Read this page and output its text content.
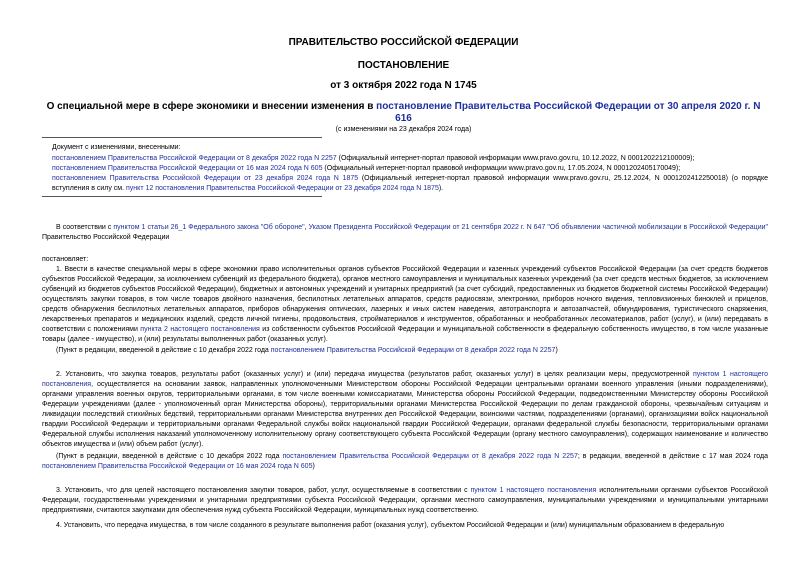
ПРАВИТЕЛЬСТВО РОССИЙСКОЙ ФЕДЕРАЦИИ
ПОСТАНОВЛЕНИЕ
от 3 октября 2022 года N 1745
О специальной мере в сфере экономики и внесении изменения в постановление Правительства Российской Федерации от 30 апреля 2020 г. N 616
(с изменениями на 23 декабря 2024 года)
Документ с изменениями, внесенными:
постановлением Правительства Российской Федерации от 8 декабря 2022 года N 2257 (Официальный интернет-портал правовой информации www.pravo.gov.ru, 10.12.2022, N 0001202212100009);
постановлением Правительства Российской Федерации от 16 мая 2024 года N 605 (Официальный интернет-портал правовой информации www.pravo.gov.ru, 17.05.2024, N 0001202405170049);
постановлением Правительства Российской Федерации от 23 декабря 2024 года N 1875 (Официальный интернет-портал правовой информации www.pravo.gov.ru, 25.12.2024, N 0001202412250018) (о порядке вступления в силу см. пункт 12 постановления Правительства Российской Федерации от 23 декабря 2024 года N 1875).
В соответствии с пунктом 1 статьи 26_1 Федерального закона "Об обороне", Указом Президента Российской Федерации от 21 сентября 2022 г. N 647 "Об объявлении частичной мобилизации в Российской Федерации" Правительство Российской Федерации
постановляет:
1. Ввести в качестве специальной меры в сфере экономики право исполнительных органов субъектов Российской Федерации и казенных учреждений субъектов Российской Федерации (за счет средств бюджетов субъектов Российской Федерации, за исключением субвенций из федерального бюджета), органов местного самоуправления и муниципальных казенных учреждений (за счет средств местных бюджетов, за исключением субвенций из бюджетов субъектов Российской Федерации), бюджетных и автономных учреждений и унитарных предприятий (за счет субсидий, предоставленных из бюджетов бюджетной системы Российской Федерации) осуществлять закупки товаров, в том числе товаров двойного назначения, беспилотных летательных аппаратов, средств радиосвязи, электроники, приборов ночного видения, тепловизионных биноклей и прицелов, средств обнаружения беспилотных летательных аппаратов, приборов обнаружения оптических, лазерных и иных систем наведения, автотранспорта и автозапчастей, обмундирования, туристического снаряжения, лекарственных препаратов и медицинских изделий, средств личной гигиены, продовольствия, стройматериалов и инструментов, обработанных и необработанных лесоматериалов, работ (услуг), и (или) передавать в соответствии с положениями пункта 2 настоящего постановления из собственности субъектов Российской Федерации и муниципальной собственности в федеральную собственность имущество, в том числе указанные товары (далее - имущество), и (или) результаты выполненных работ (оказанных услуг).
(Пункт в редакции, введенной в действие с 10 декабря 2022 года постановлением Правительства Российской Федерации от 8 декабря 2022 года N 2257)
2. Установить, что закупка товаров, результаты работ (оказанных услуг) и (или) передача имущества (результатов работ, оказанных услуг) в целях реализации меры, предусмотренной пунктом 1 настоящего постановления, осуществляется на основании заявок, направленных уполномоченными Министерством обороны Российской Федерации центральными органами военного управления (иными подразделениями), органами управления военных округов, территориальными органами, в том числе военными комиссариатами, Министерства обороны Российской Федерации, подведомственными Министерству обороны Российской Федерации учреждениями (далее - уполномоченный орган Министерства обороны), территориальными органами Министерства Российской Федерации по делам гражданской обороны, чрезвычайным ситуациям и ликвидации последствий стихийных бедствий, территориальными органами Министерства внутренних дел Российской Федерации, воинскими частями, подразделениями (органами), организациями войск национальной гвардии Российской Федерации и территориальными органами Федеральной службы войск национальной гвардии Российской Федерации, органами федеральной службы безопасности, территориальными органами Федеральной службы исполнения наказаний уполномоченному исполнительному органу соответствующего субъекта Российской Федерации (органу местного самоуправления), содержащих наименование и количество объектов имущества и (или) объем работ (услуг).
(Пункт в редакции, введенной в действие с 10 декабря 2022 года постановлением Правительства Российской Федерации от 8 декабря 2022 года N 2257; в редакции, введенной в действие с 17 мая 2024 года постановлением Правительства Российской Федерации от 16 мая 2024 года N 605)
3. Установить, что для целей настоящего постановления закупки товаров, работ, услуг, осуществляемые в соответствии с пунктом 1 настоящего постановления исполнительными органами субъектов Российской Федерации, государственными учреждениями и унитарными предприятиями субъекта Российской Федерации, органами местного самоуправления, муниципальными учреждениями и муниципальными унитарными предприятиями, считаются закупками для обеспечения нужд субъекта Российской Федерации, муниципальных нужд соответственно.
4. Установить, что передача имущества, в том числе созданного в результате выполнения работ (оказания услуг), субъектом Российской Федерации и (или) муниципальным образованием в федеральную
